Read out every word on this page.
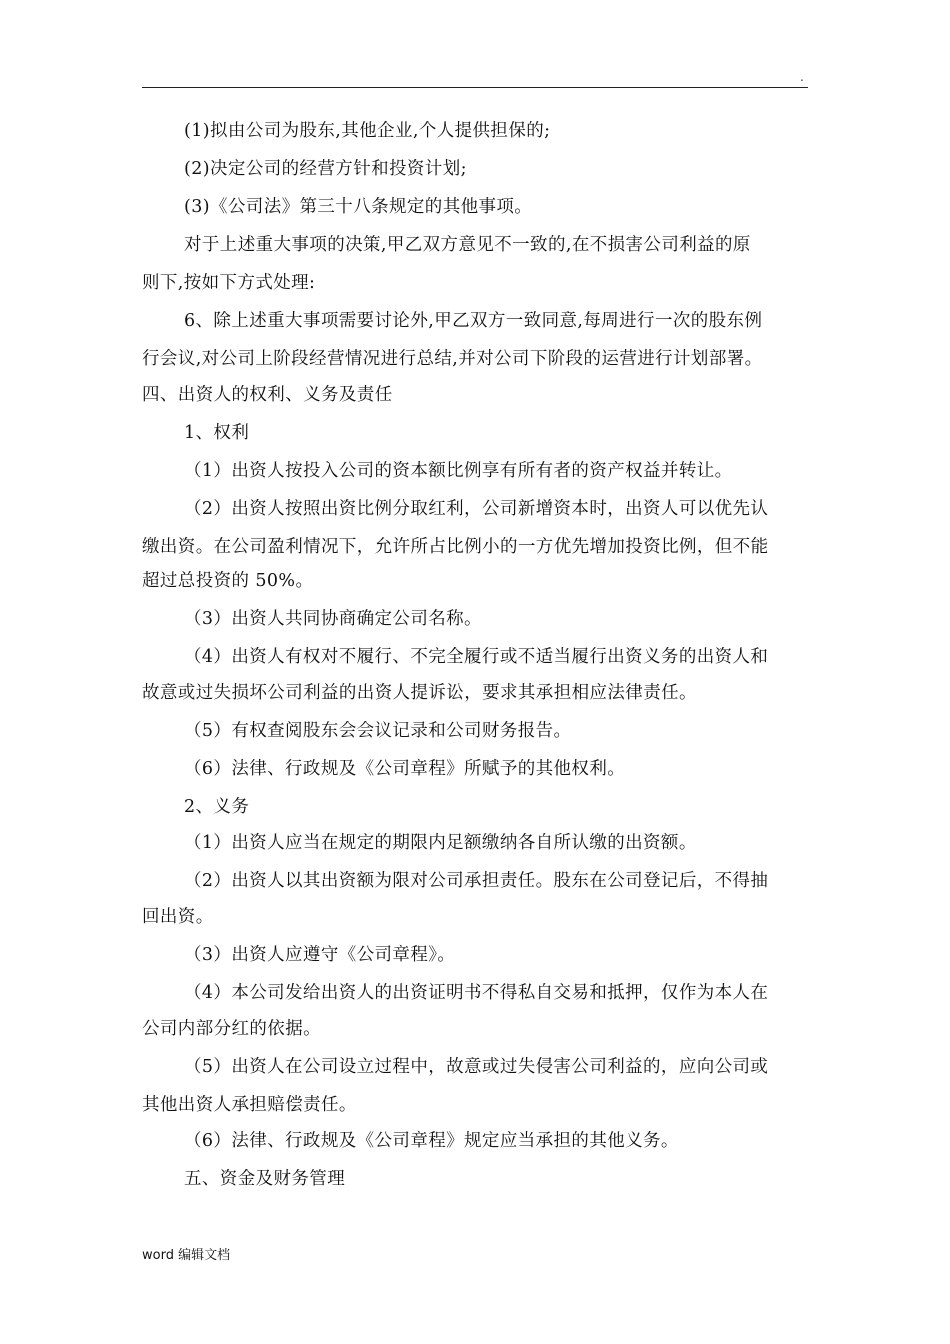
.
(1)拟由公司为股东,其他企业,个人提供担保的;
(2)决定公司的经营方针和投资计划;
(3)《公司法》第三十八条规定的其他事项。
对于上述重大事项的决策,甲乙双方意见不一致的,在不损害公司利益的原
则下,按如下方式处理:
6、除上述重大事项需要讨论外,甲乙双方一致同意,每周进行一次的股东例
行会议,对公司上阶段经营情况进行总结,并对公司下阶段的运营进行计划部署。
四、出资人的权利、义务及责任
1、权利
（1）出资人按投入公司的资本额比例享有所有者的资产权益并转让。
（2）出资人按照出资比例分取红利，公司新增资本时，出资人可以优先认
缴出资。在公司盈利情况下，允许所占比例小的一方优先增加投资比例，但不能
超过总投资的 50%。
（3）出资人共同协商确定公司名称。
（4）出资人有权对不履行、不完全履行或不适当履行出资义务的出资人和
故意或过失损坏公司利益的出资人提诉讼，要求其承担相应法律责任。
（5）有权查阅股东会会议记录和公司财务报告。
（6）法律、行政规及《公司章程》所赋予的其他权利。
2、义务
（1）出资人应当在规定的期限内足额缴纳各自所认缴的出资额。
（2）出资人以其出资额为限对公司承担责任。股东在公司登记后，不得抽
回出资。
（3）出资人应遵守《公司章程》。
（4）本公司发给出资人的出资证明书不得私自交易和抵押，仅作为本人在
公司内部分红的依据。
（5）出资人在公司设立过程中，故意或过失侵害公司利益的，应向公司或
其他出资人承担赔偿责任。
（6）法律、行政规及《公司章程》规定应当承担的其他义务。
五、资金及财务管理
word 编辑文档
